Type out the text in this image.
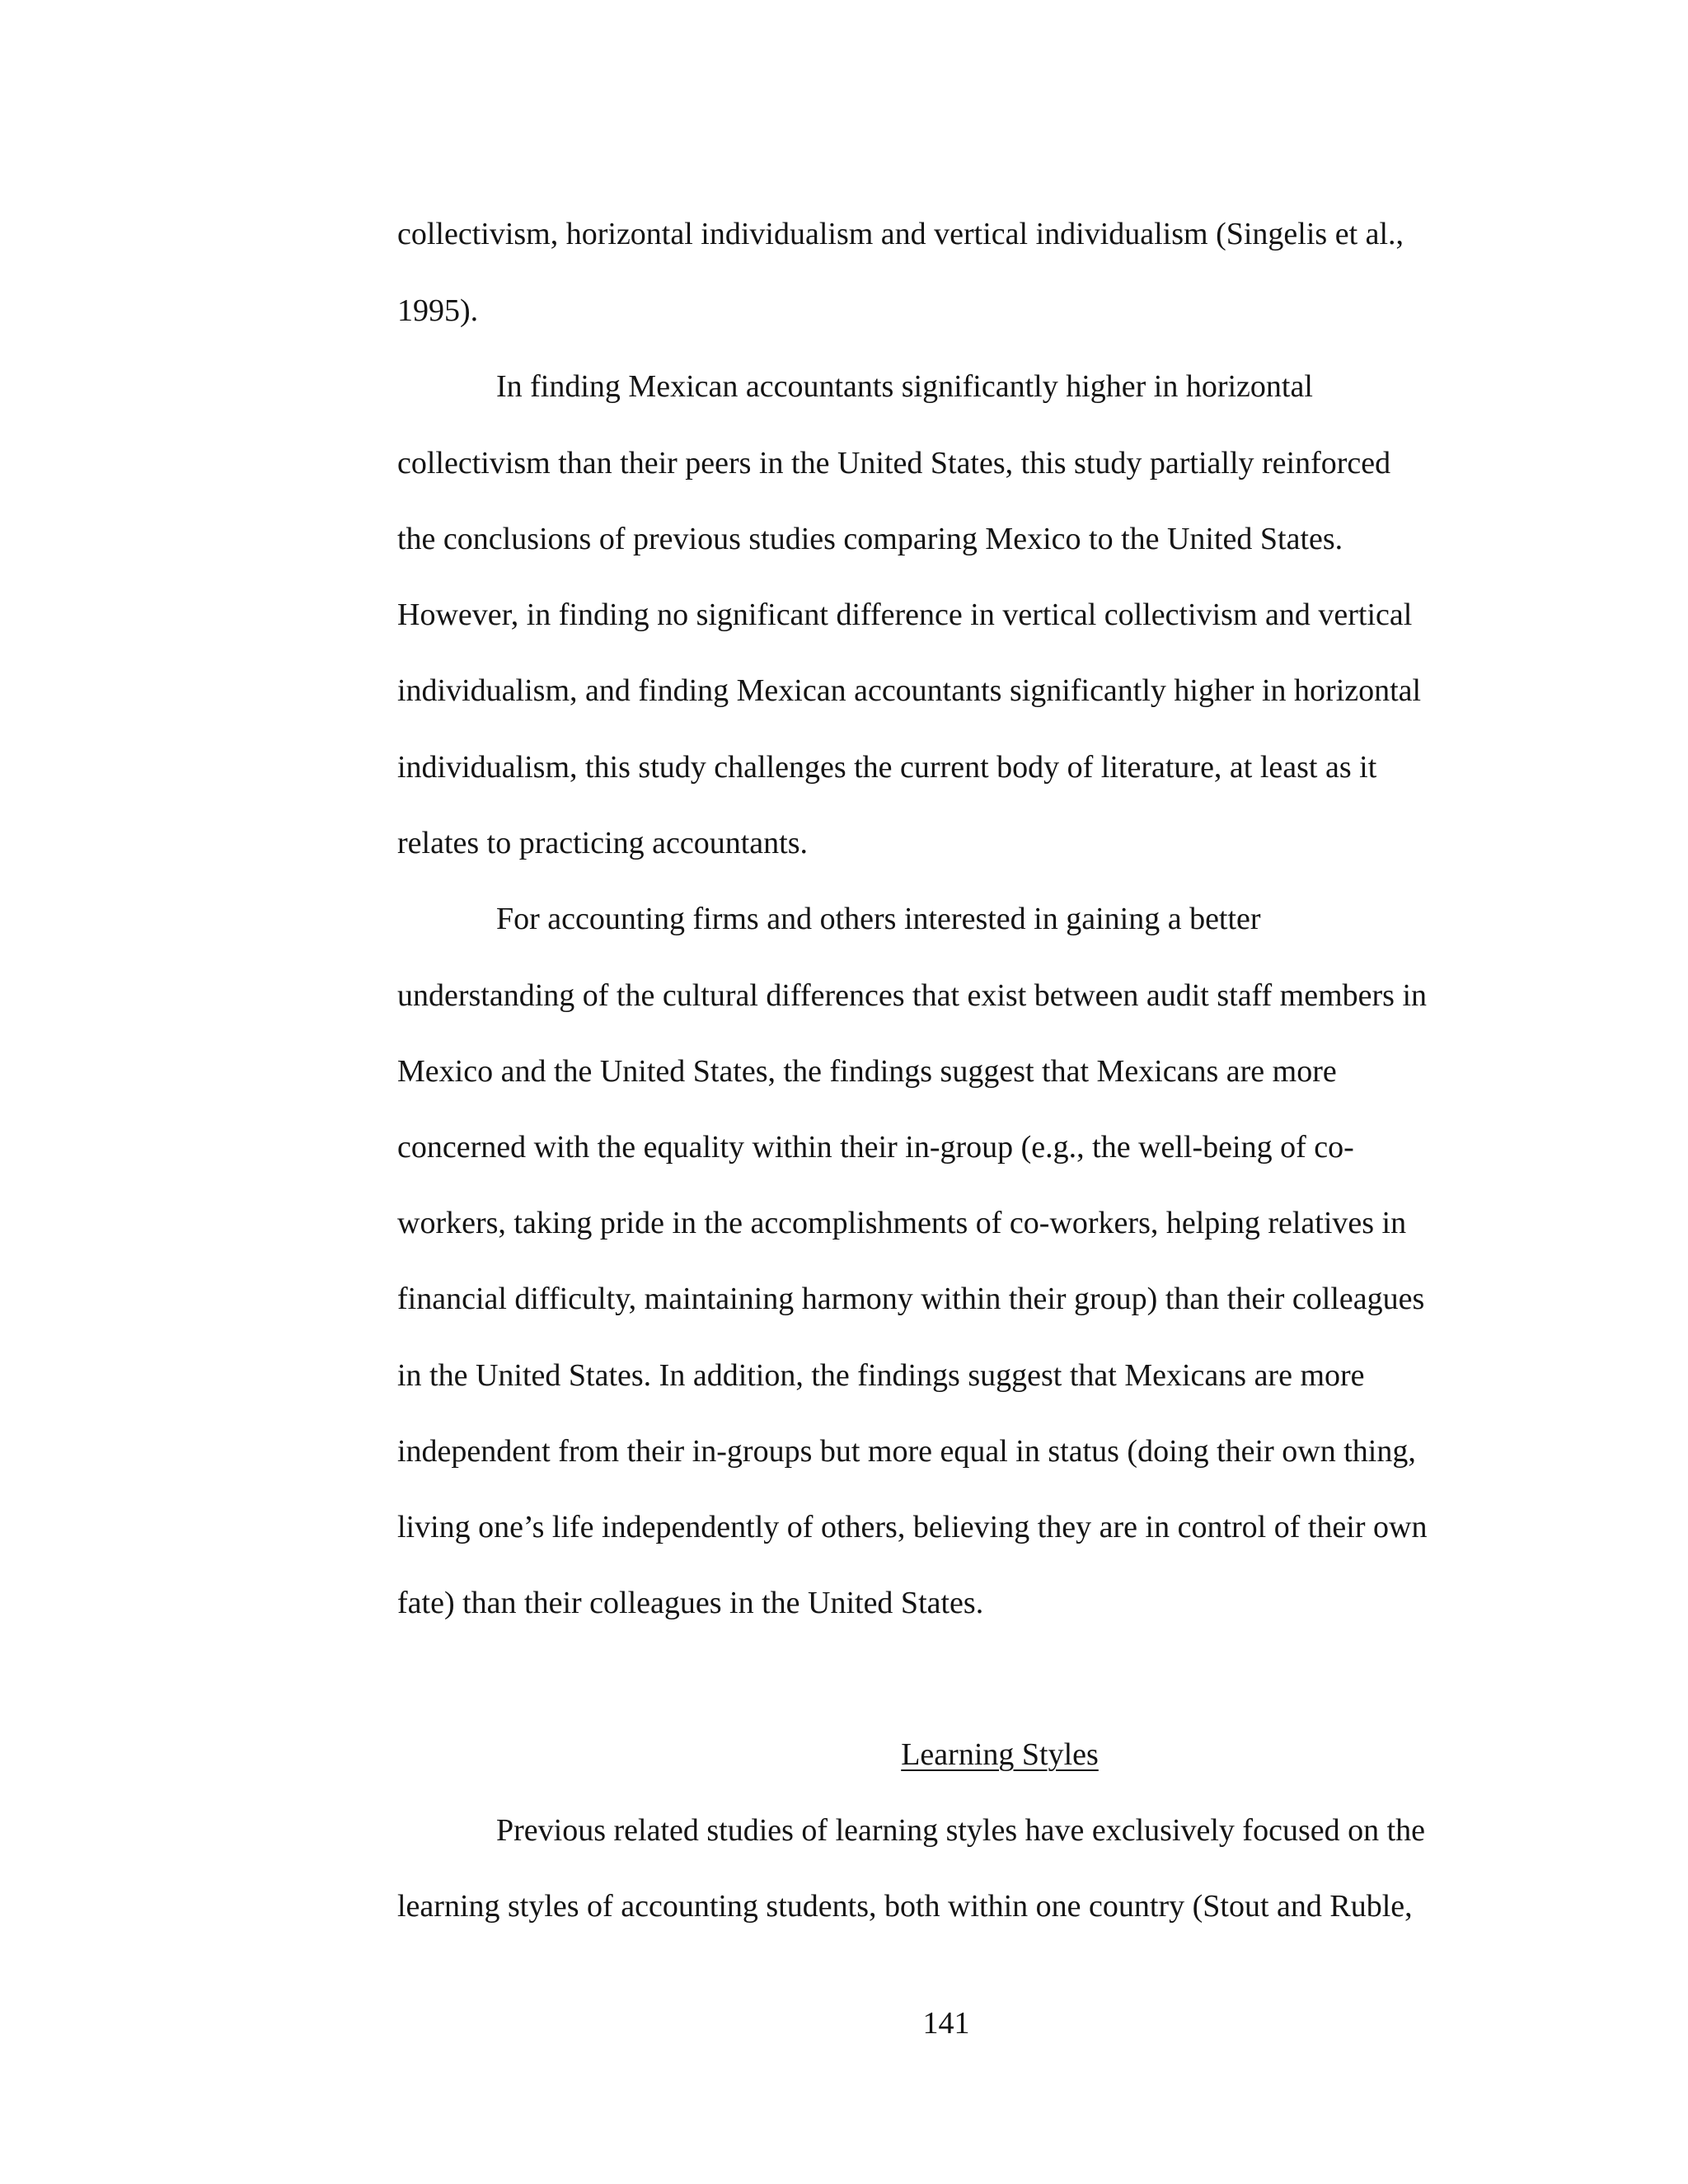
collectivism, horizontal individualism and vertical individualism (Singelis et al.,
1995).
In finding Mexican accountants significantly higher in horizontal
collectivism than their peers in the United States, this study partially reinforced
the conclusions of previous studies comparing Mexico to the United States.
However, in finding no significant difference in vertical collectivism and vertical
individualism, and finding Mexican accountants significantly higher in horizontal
individualism, this study challenges the current body of literature, at least as it
relates to practicing accountants.
For accounting firms and others interested in gaining a better
understanding of the cultural differences that exist between audit staff members in
Mexico and the United States, the findings suggest that Mexicans are more
concerned with the equality within their in-group (e.g., the well-being of co-
workers, taking pride in the accomplishments of co-workers, helping relatives in
financial difficulty, maintaining harmony within their group) than their colleagues
in the United States. In addition, the findings suggest that Mexicans are more
independent from their in-groups but more equal in status (doing their own thing,
living one’s life independently of others, believing they are in control of their own
fate) than their colleagues in the United States.
Learning Styles
Previous related studies of learning styles have exclusively focused on the
learning styles of accounting students, both within one country (Stout and Ruble,
141
